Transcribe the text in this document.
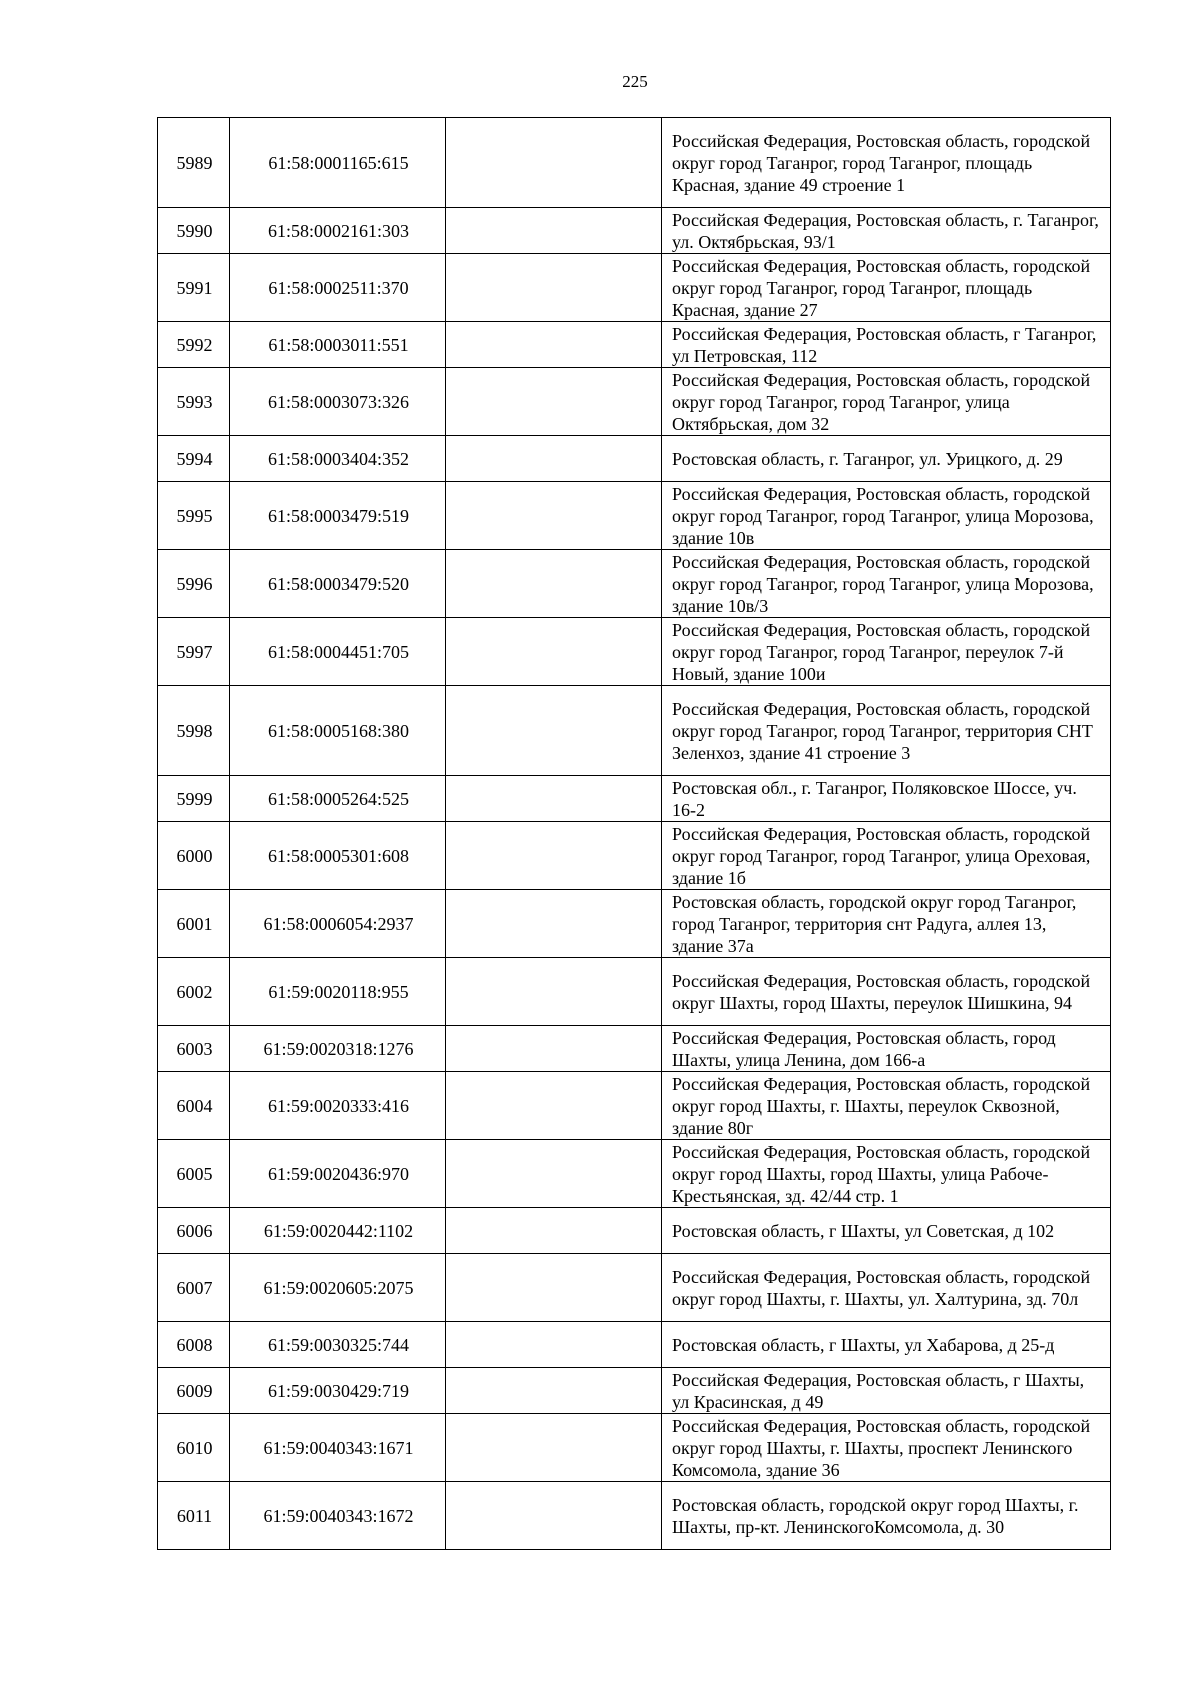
225
5989	61:58:0001165:615		Российская Федерация, Ростовская область, городской округ город Таганрог, город Таганрог, площадь Красная, здание 49 строение 1
5990	61:58:0002161:303		Российская Федерация, Ростовская область, г. Таганрог, ул. Октябрьская, 93/1
5991	61:58:0002511:370		Российская Федерация, Ростовская область, городской округ город Таганрог, город Таганрог, площадь Красная, здание 27
5992	61:58:0003011:551		Российская Федерация, Ростовская область, г Таганрог, ул Петровская, 112
5993	61:58:0003073:326		Российская Федерация, Ростовская область, городской округ город Таганрог, город Таганрог, улица Октябрьская, дом 32
5994	61:58:0003404:352		Ростовская область, г. Таганрог, ул. Урицкого, д. 29
5995	61:58:0003479:519		Российская Федерация, Ростовская область, городской округ город Таганрог, город Таганрог, улица Морозова, здание 10в
5996	61:58:0003479:520		Российская Федерация, Ростовская область, городской округ город Таганрог, город Таганрог, улица Морозова, здание 10в/3
5997	61:58:0004451:705		Российская Федерация, Ростовская область, городской округ город Таганрог, город Таганрог, переулок 7-й Новый, здание 100и
5998	61:58:0005168:380		Российская Федерация, Ростовская область, городской округ город Таганрог, город Таганрог, территория СНТ Зеленхоз, здание 41 строение 3
5999	61:58:0005264:525		Ростовская обл., г. Таганрог, Поляковское Шоссе, уч. 16-2
6000	61:58:0005301:608		Российская Федерация, Ростовская область, городской округ город Таганрог, город Таганрог, улица Ореховая, здание 1б
6001	61:58:0006054:2937		Ростовская область, городской округ город Таганрог, город Таганрог, территория снт Радуга, аллея 13, здание 37а
6002	61:59:0020118:955		Российская Федерация, Ростовская область, городской округ Шахты, город Шахты, переулок Шишкина, 94
6003	61:59:0020318:1276		Российская Федерация, Ростовская область, город Шахты, улица Ленина, дом 166-а
6004	61:59:0020333:416		Российская Федерация, Ростовская область, городской округ город Шахты, г. Шахты, переулок Сквозной, здание 80г
6005	61:59:0020436:970		Российская Федерация, Ростовская область, городской округ город Шахты, город Шахты, улица Рабоче-Крестьянская, зд. 42/44 стр. 1
6006	61:59:0020442:1102		Ростовская область, г Шахты, ул Советская, д 102
6007	61:59:0020605:2075		Российская Федерация, Ростовская область, городской округ город Шахты, г. Шахты, ул. Халтурина, зд. 70л
6008	61:59:0030325:744		Ростовская область, г Шахты, ул Хабарова, д 25-д
6009	61:59:0030429:719		Российская Федерация, Ростовская область, г Шахты, ул Красинская, д 49
6010	61:59:0040343:1671		Российская Федерация, Ростовская область, городской округ город Шахты, г. Шахты, проспект Ленинского Комсомола, здание 36
6011	61:59:0040343:1672		Ростовская область, городской округ город Шахты, г. Шахты, пр-кт. ЛенинскогоКомсомола, д. 30
